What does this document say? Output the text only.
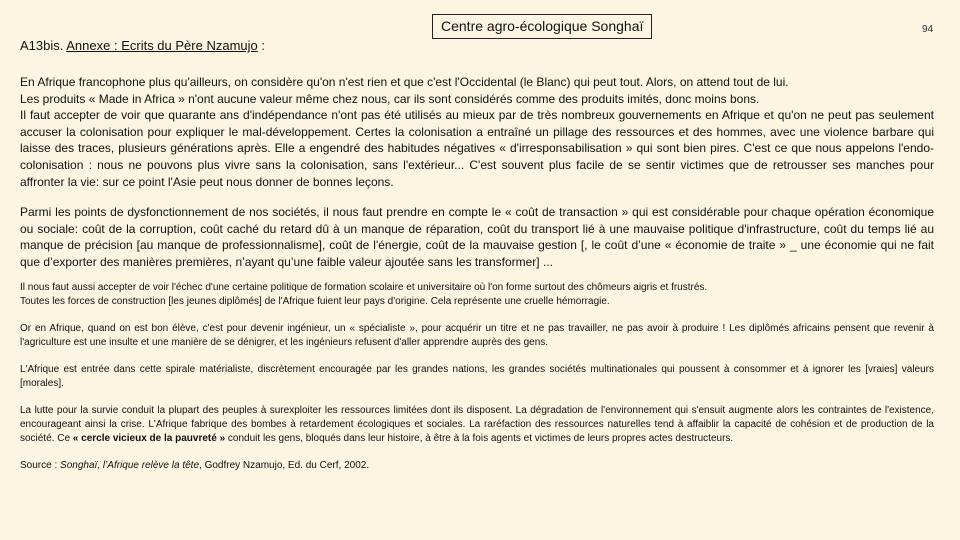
A13bis. Annexe : Ecrits du Père Nzamujo :
Centre agro-écologique Songhaï	94
En Afrique francophone plus qu'ailleurs, on considère qu'on n'est rien et que c'est l'Occidental (le Blanc) qui peut tout. Alors, on attend tout de lui.
Les produits « Made in Africa » n'ont aucune valeur même chez nous, car ils sont considérés comme des produits imités, donc moins bons.
Il faut accepter de voir que quarante ans d'indépendance n'ont pas été utilisés au mieux par de très nombreux gouvernements en Afrique et qu'on ne peut pas seulement accuser la colonisation pour expliquer le mal-développement. Certes la colonisation a entraîné un pillage des ressources et des hommes, avec une violence barbare qui laisse des traces, plusieurs générations après. Elle a engendré des habitudes négatives « d'irresponsabilisation » qui sont bien pires. C'est ce que nous appelons l'endo-colonisation : nous ne pouvons plus vivre sans la colonisation, sans l'extérieur... C'est souvent plus facile de se sentir victimes que de retrousser ses manches pour affronter la vie: sur ce point l'Asie peut nous donner de bonnes leçons.
Parmi les points de dysfonctionnement de nos sociétés, il nous faut prendre en compte le « coût de transaction » qui est considérable pour chaque opération économique ou sociale: coût de la corruption, coût caché du retard dû à un manque de réparation, coût du transport lié à une mauvaise politique d'infrastructure, coût du temps lié au manque de précision [au manque de professionnalisme], coût de l'énergie, coût de la mauvaise gestion [, le coût d’une « économie de traite » _ une économie qui ne fait que d’exporter des manières premières, n’ayant qu’une faible valeur ajoutée sans les transformer] ...
Il nous faut aussi accepter de voir l'échec d'une certaine politique de formation scolaire et universitaire où l'on forme surtout des chômeurs aigris et frustrés.
Toutes les forces de construction [les jeunes diplômés] de l'Afrique fuient leur pays d'origine. Cela représente une cruelle hémorragie.
Or en Afrique, quand on est bon élève, c'est pour devenir ingénieur, un « spécialiste », pour acquérir un titre et ne pas travailler, ne pas avoir à produire ! Les diplômés africains pensent que revenir à l'agriculture est une insulte et une manière de se dénigrer, et les ingénieurs refusent d'aller apprendre auprès des gens.
L'Afrique est entrée dans cette spirale matérialiste, discrètement encouragée par les grandes nations, les grandes sociétés multinationales qui poussent à consommer et à ignorer les [vraies] valeurs [morales].
La lutte pour la survie conduit la plupart des peuples à surexploiter les ressources limitées dont ils disposent. La dégradation de l'environnement qui s'ensuit augmente alors les contraintes de l'existence, encourageant ainsi la crise. L'Afrique fabrique des bombes à retardement écologiques et sociales. La raréfaction des ressources naturelles tend à affaiblir la capacité de cohésion et de production de la société. Ce « cercle vicieux de la pauvreté » conduit les gens, bloqués dans leur histoire, à être à la fois agents et victimes de leurs propres actes destructeurs.
Source : Songhaï, l’Afrique relève la tête, Godfrey Nzamujo, Ed. du Cerf, 2002.
